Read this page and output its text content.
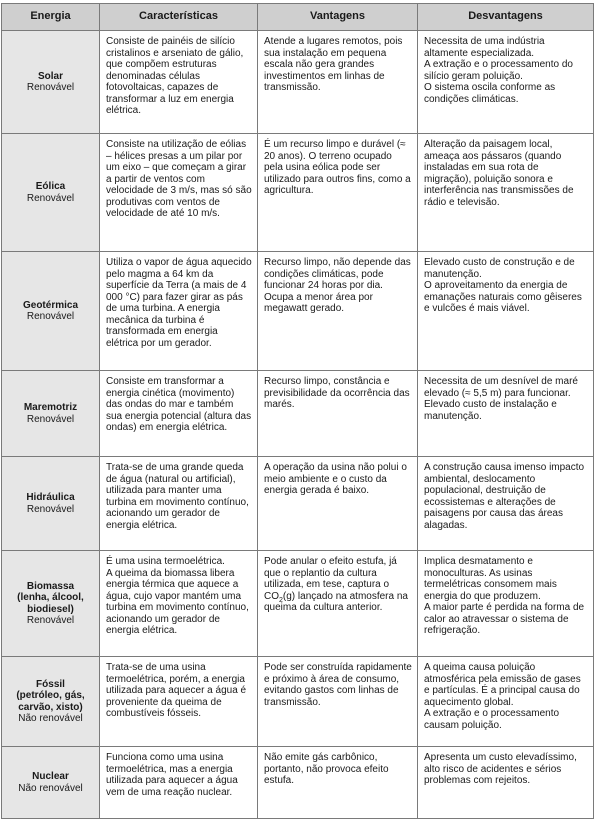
Energia	Características	Vantagens	Desvantagens

Solar
Renovável	Consiste de painéis de silício cristalinos e arseniato de gálio, que compõem estruturas denominadas células fotovoltaicas, capazes de transformar a luz em energia elétrica.	Atende a lugares remotos, pois sua instalação em pequena escala não gera grandes investimentos em linhas de transmissão.	Necessita de uma indústria altamente especializada.
A extração e o processamento do silício geram poluição.
O sistema oscila conforme as condições climáticas.

Eólica
Renovável	Consiste na utilização de eólias – hélices presas a um pilar por um eixo – que começam a girar a partir de ventos com velocidade de 3 m/s, mas só são produtivas com ventos de velocidade de até 10 m/s.	É um recurso limpo e durável (≈ 20 anos). O terreno ocupado pela usina eólica pode ser utilizado para outros fins, como a agricultura.	Alteração da paisagem local, ameaça aos pássaros (quando instaladas em sua rota de migração), poluição sonora e interferência nas transmissões de rádio e televisão.

Geotérmica
Renovável	Utiliza o vapor de água aquecido pelo magma a 64 km da superfície da Terra (a mais de 4 000 °C) para fazer girar as pás de uma turbina. A energia mecânica da turbina é transformada em energia elétrica por um gerador.	Recurso limpo, não depende das condições climáticas, pode funcionar 24 horas por dia. Ocupa a menor área por megawatt gerado.	Elevado custo de construção e de manutenção.
O aproveitamento da energia de emanações naturais como gêiseres e vulcões é mais viável.

Maremotriz
Renovável	Consiste em transformar a energia cinética (movimento) das ondas do mar e também sua energia potencial (altura das ondas) em energia elétrica.	Recurso limpo, constância e previsibilidade da ocorrência das marés.	Necessita de um desnível de maré elevado (≈ 5,5 m) para funcionar. Elevado custo de instalação e manutenção.

Hidráulica
Renovável	Trata-se de uma grande queda de água (natural ou artificial), utilizada para manter uma turbina em movimento contínuo, acionando um gerador de energia elétrica.	A operação da usina não polui o meio ambiente e o custo da energia gerada é baixo.	A construção causa imenso impacto ambiental, deslocamento populacional, destruição de ecossistemas e alterações de paisagens por causa das áreas alagadas.

Biomassa
(lenha, álcool, biodiesel)
Renovável	É uma usina termoelétrica.
A queima da biomassa libera energia térmica que aquece a água, cujo vapor mantém uma turbina em movimento contínuo, acionando um gerador de energia elétrica.	Pode anular o efeito estufa, já que o replantio da cultura utilizada, em tese, captura o $CO_2(g)$ lançado na atmosfera na queima da cultura anterior.	Implica desmatamento e monoculturas. As usinas termelétricas consomem mais energia do que produzem.
A maior parte é perdida na forma de calor ao atravessar o sistema de refrigeração.

Fóssil
(petróleo, gás, carvão, xisto)
Não renovável	Trata-se de uma usina termoelétrica, porém, a energia utilizada para aquecer a água é proveniente da queima de combustíveis fósseis.	Pode ser construída rapidamente e próximo à área de consumo, evitando gastos com linhas de transmissão.	A queima causa poluição atmosférica pela emissão de gases e partículas. É a principal causa do aquecimento global.
A extração e o processamento causam poluição.

Nuclear
Não renovável	Funciona como uma usina termoelétrica, mas a energia utilizada para aquecer a água vem de uma reação nuclear.	Não emite gás carbônico, portanto, não provoca efeito estufa.	Apresenta um custo elevadíssimo, alto risco de acidentes e sérios problemas com rejeitos.
